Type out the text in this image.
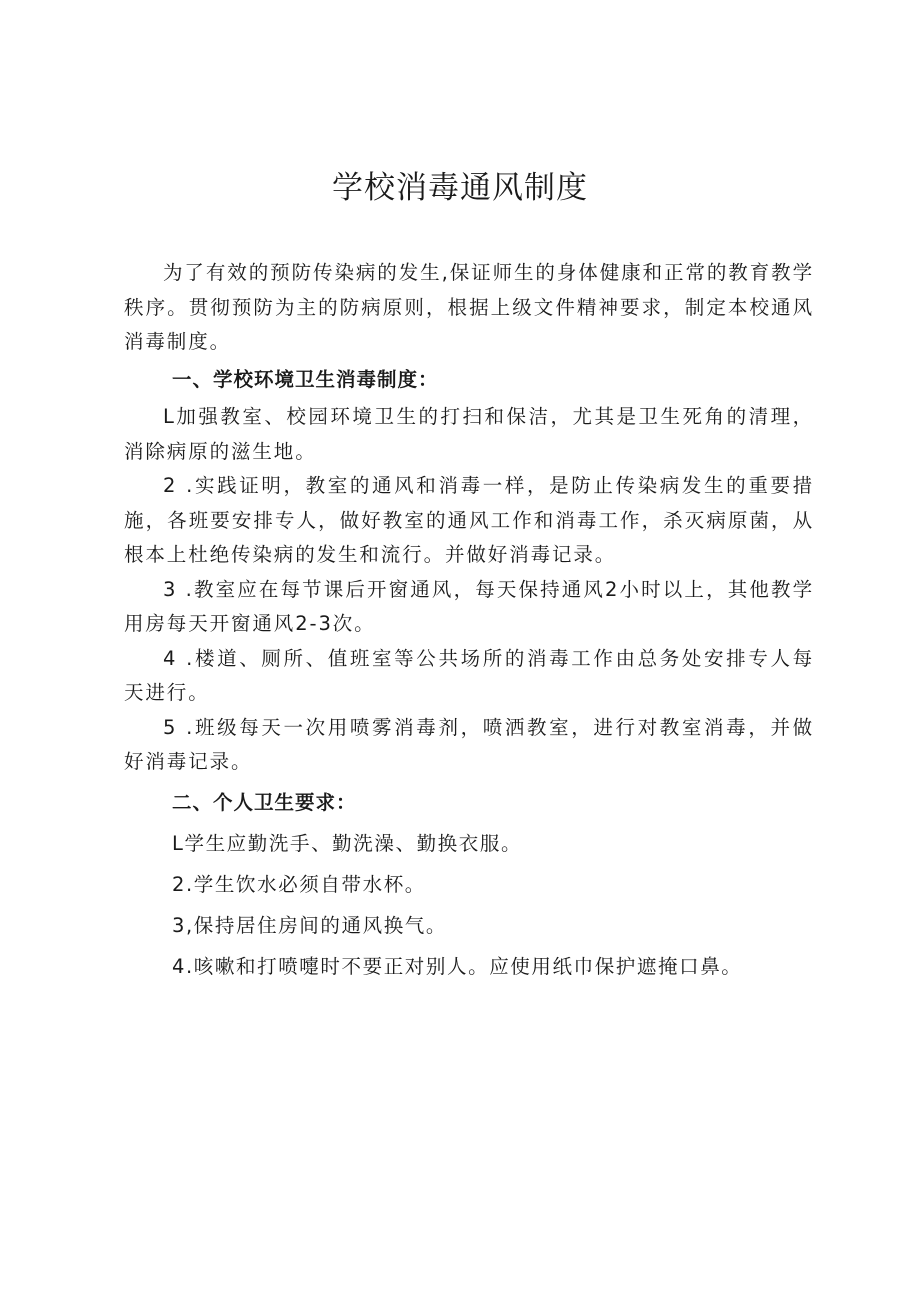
学校消毒通风制度

为了有效的预防传染病的发生,保证师生的身体健康和正常的教育教学秩序。贯彻预防为主的防病原则，根据上级文件精神要求，制定本校通风消毒制度。

一、学校环境卫生消毒制度：

L加强教室、校园环境卫生的打扫和保洁，尤其是卫生死角的清理，消除病原的滋生地。

2 .实践证明，教室的通风和消毒一样，是防止传染病发生的重要措施，各班要安排专人，做好教室的通风工作和消毒工作，杀灭病原菌，从根本上杜绝传染病的发生和流行。并做好消毒记录。

3 .教室应在每节课后开窗通风，每天保持通风2小时以上，其他教学用房每天开窗通风2-3次。

4 .楼道、厕所、值班室等公共场所的消毒工作由总务处安排专人每天进行。

5 .班级每天一次用喷雾消毒剂，喷洒教室，进行对教室消毒，并做好消毒记录。

二、个人卫生要求：

L学生应勤洗手、勤洗澡、勤换衣服。

2.学生饮水必须自带水杯。

3,保持居住房间的通风换气。

4.咳嗽和打喷嚏时不要正对别人。应使用纸巾保护遮掩口鼻。
